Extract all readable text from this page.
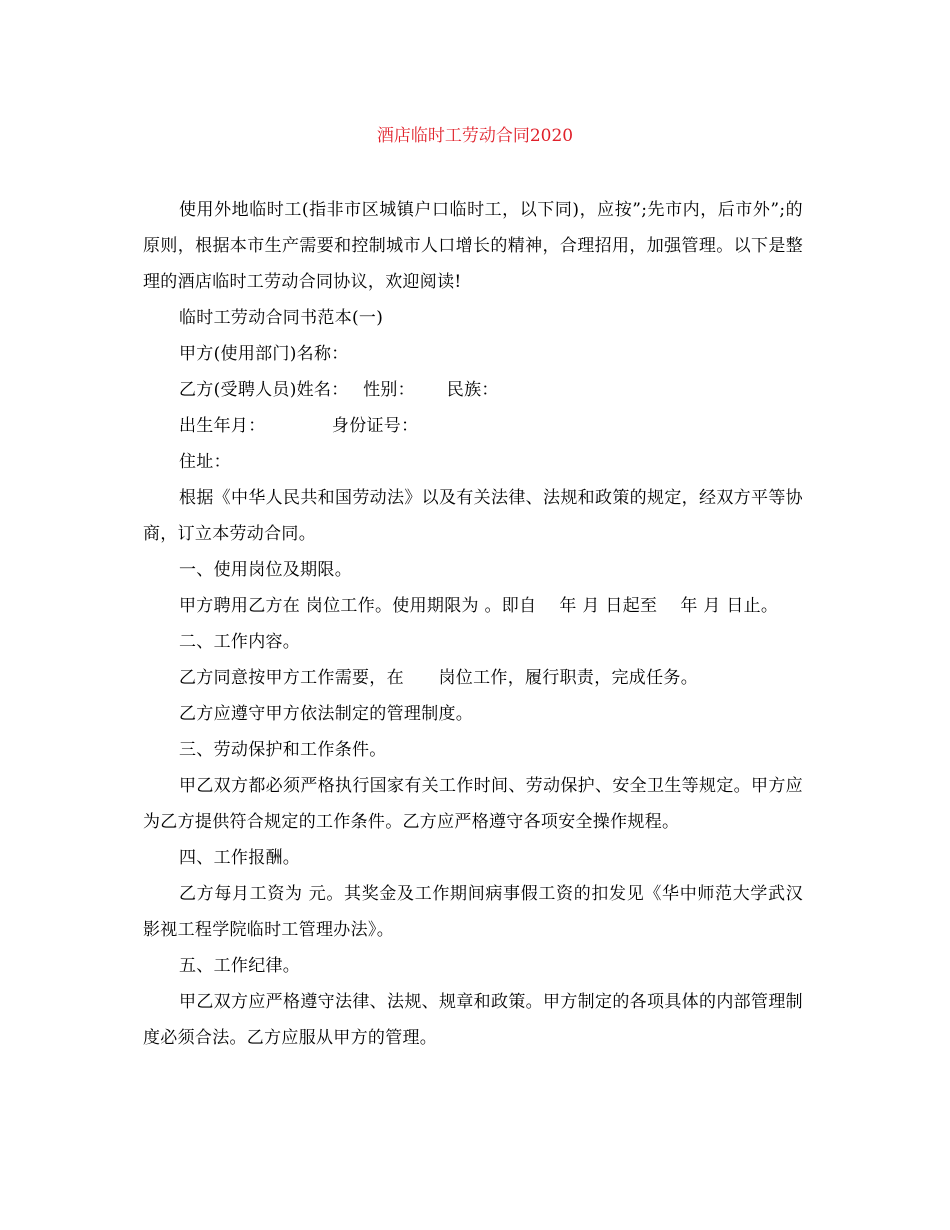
酒店临时工劳动合同2020

使用外地临时工(指非市区城镇户口临时工，以下同)，应按”;先市内，后市外”;的原则，根据本市生产需要和控制城市人口增长的精神，合理招用，加强管理。以下是整理的酒店临时工劳动合同协议，欢迎阅读!

临时工劳动合同书范本(一)

甲方(使用部门)名称：

乙方(受聘人员)姓名：　 性别：　　 民族：

出生年月：　　　　 身份证号：

住址：

根据《中华人民共和国劳动法》以及有关法律、法规和政策的规定，经双方平等协商，订立本劳动合同。

一、使用岗位及期限。

甲方聘用乙方在 岗位工作。使用期限为 。即自　 年 月 日起至　 年 月 日止。

二、工作内容。

乙方同意按甲方工作需要，在　　岗位工作，履行职责，完成任务。

乙方应遵守甲方依法制定的管理制度。

三、劳动保护和工作条件。

甲乙双方都必须严格执行国家有关工作时间、劳动保护、安全卫生等规定。甲方应为乙方提供符合规定的工作条件。乙方应严格遵守各项安全操作规程。

四、工作报酬。

乙方每月工资为 元。其奖金及工作期间病事假工资的扣发见《华中师范大学武汉影视工程学院临时工管理办法》。

五、工作纪律。

甲乙双方应严格遵守法律、法规、规章和政策。甲方制定的各项具体的内部管理制度必须合法。乙方应服从甲方的管理。
